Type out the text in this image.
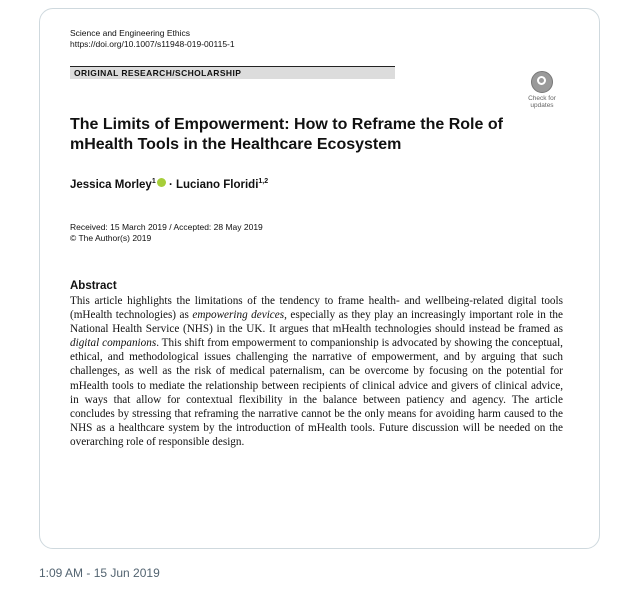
Science and Engineering Ethics
https://doi.org/10.1007/s11948-019-00115-1
ORIGINAL RESEARCH/SCHOLARSHIP
Check for
updates
The Limits of Empowerment: How to Reframe the Role of mHealth Tools in the Healthcare Ecosystem
Jessica Morley$^1$ · Luciano Floridi$^{1,2}$
Received: 15 March 2019 / Accepted: 28 May 2019
© The Author(s) 2019
Abstract
This article highlights the limitations of the tendency to frame health- and wellbeing-related digital tools (mHealth technologies) as empowering devices, especially as they play an increasingly important role in the National Health Service (NHS) in the UK. It argues that mHealth technologies should instead be framed as digital companions. This shift from empowerment to companionship is advocated by showing the conceptual, ethical, and methodological issues challenging the narrative of empowerment, and by arguing that such challenges, as well as the risk of medical paternalism, can be overcome by focusing on the potential for mHealth tools to mediate the relationship between recipients of clinical advice and givers of clinical advice, in ways that allow for contextual flexibility in the balance between patiency and agency. The article concludes by stressing that reframing the narrative cannot be the only means for avoiding harm caused to the NHS as a healthcare system by the introduction of mHealth tools. Future discussion will be needed on the overarching role of responsible design.
1:09 AM - 15 Jun 2019
